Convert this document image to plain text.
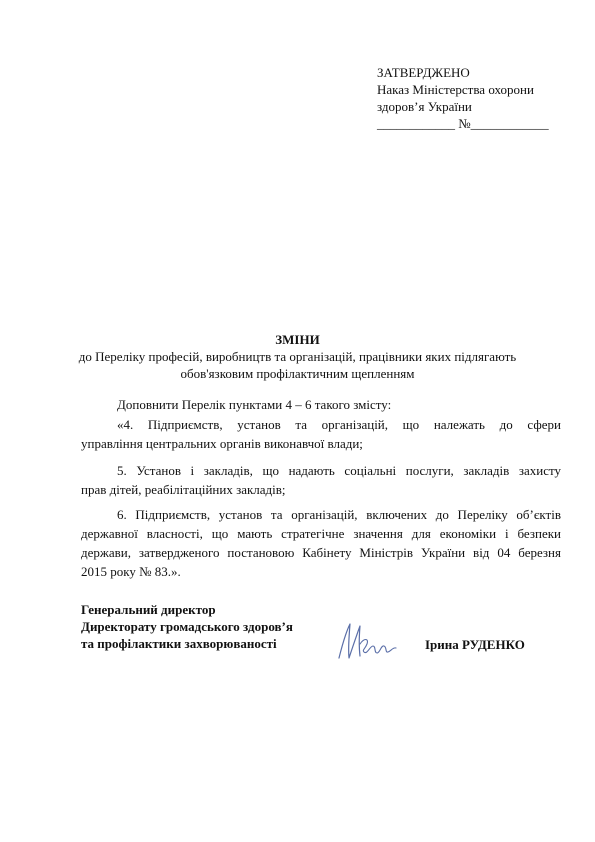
ЗАТВЕРДЖЕНО
Наказ Міністерства охорони
здоров’я України
____________ №____________
ЗМІНИ
до Переліку професій, виробництв та організацій, працівники яких підлягають
обов'язковим профілактичним щепленням
Доповнити Перелік пунктами 4 – 6 такого змісту:
«4. Підприємств, установ та організацій, що належать до сфери
управління центральних органів виконавчої влади;
5. Установ і закладів, що надають соціальні послуги, закладів захисту
прав дітей, реабілітаційних закладів;
6. Підприємств, установ та організацій, включених до Переліку об’єктів
державної власності, що мають стратегічне значення для економіки і безпеки
держави, затвердженого постановою Кабінету Міністрів України від 04 березня
2015 року № 83.».
Генеральний директор
Директорату громадського здоров’я
та профілактики захворюваності	Ірина РУДЕНКО
